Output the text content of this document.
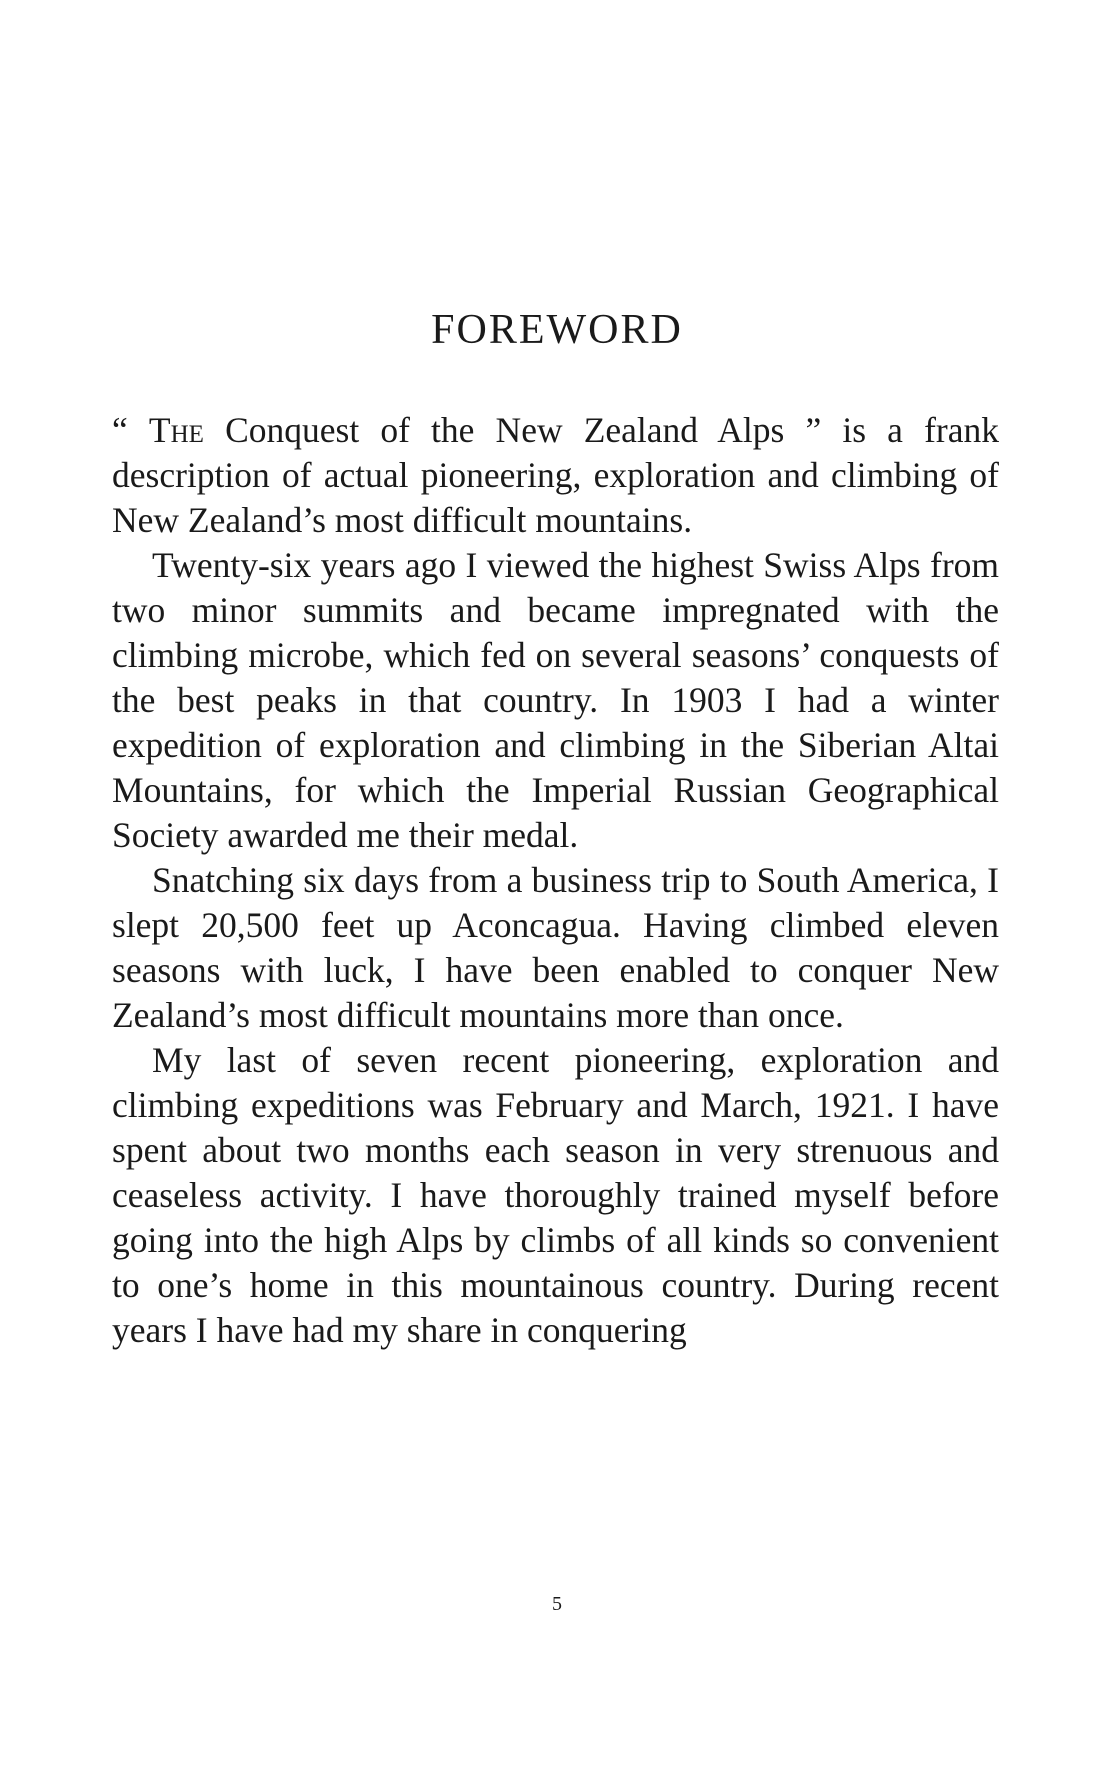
FOREWORD

“ The Conquest of the New Zealand Alps ” is a frank description of actual pioneering, exploration and climbing of New Zealand’s most difficult mountains.

Twenty-six years ago I viewed the highest Swiss Alps from two minor summits and became impregnated with the climbing microbe, which fed on several seasons’ conquests of the best peaks in that country. In 1903 I had a winter expedition of exploration and climbing in the Siberian Altai Mountains, for which the Imperial Russian Geographical Society awarded me their medal.

Snatching six days from a business trip to South America, I slept 20,500 feet up Aconcagua. Having climbed eleven seasons with luck, I have been enabled to conquer New Zealand’s most difficult mountains more than once.

My last of seven recent pioneering, exploration and climbing expeditions was February and March, 1921. I have spent about two months each season in very strenuous and ceaseless activity. I have thoroughly trained myself before going into the high Alps by climbs of all kinds so convenient to one’s home in this mountainous country. During recent years I have had my share in conquering

5
